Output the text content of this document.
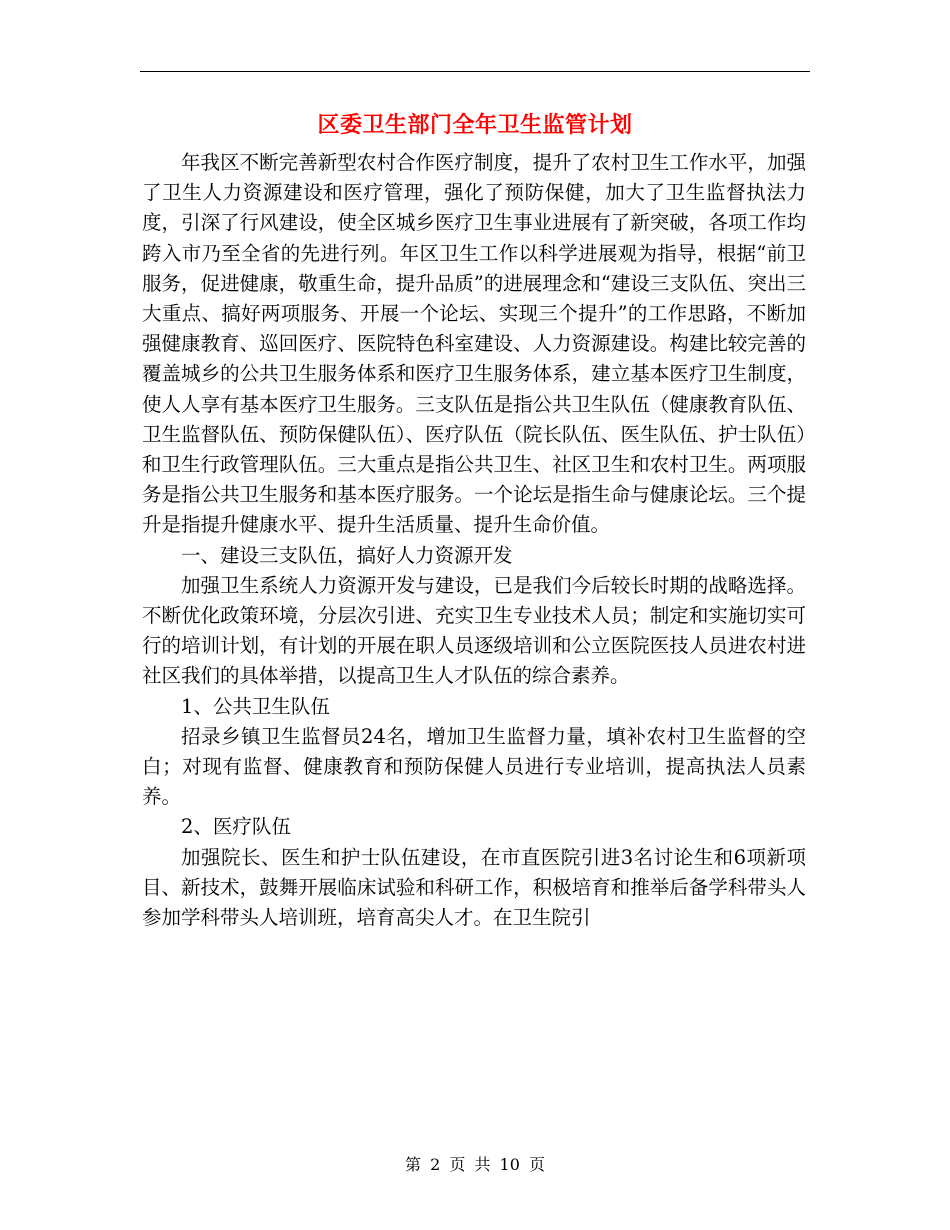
区委卫生部门全年卫生监管计划

年我区不断完善新型农村合作医疗制度，提升了农村卫生工作水平，加强了卫生人力资源建设和医疗管理，强化了预防保健，加大了卫生监督执法力度，引深了行风建设，使全区城乡医疗卫生事业进展有了新突破，各项工作均跨入市乃至全省的先进行列。年区卫生工作以科学进展观为指导，根据“前卫服务，促进健康，敬重生命，提升品质”的进展理念和“建设三支队伍、突出三大重点、搞好两项服务、开展一个论坛、实现三个提升”的工作思路，不断加强健康教育、巡回医疗、医院特色科室建设、人力资源建设。构建比较完善的覆盖城乡的公共卫生服务体系和医疗卫生服务体系，建立基本医疗卫生制度，使人人享有基本医疗卫生服务。三支队伍是指公共卫生队伍（健康教育队伍、卫生监督队伍、预防保健队伍）、医疗队伍（院长队伍、医生队伍、护士队伍）和卫生行政管理队伍。三大重点是指公共卫生、社区卫生和农村卫生。两项服务是指公共卫生服务和基本医疗服务。一个论坛是指生命与健康论坛。三个提升是指提升健康水平、提升生活质量、提升生命价值。

一、建设三支队伍，搞好人力资源开发

加强卫生系统人力资源开发与建设，已是我们今后较长时期的战略选择。不断优化政策环境，分层次引进、充实卫生专业技术人员；制定和实施切实可行的培训计划，有计划的开展在职人员逐级培训和公立医院医技人员进农村进社区我们的具体举措，以提高卫生人才队伍的综合素养。

1、公共卫生队伍

招录乡镇卫生监督员24名，增加卫生监督力量，填补农村卫生监督的空白；对现有监督、健康教育和预防保健人员进行专业培训，提高执法人员素养。

2、医疗队伍

加强院长、医生和护士队伍建设，在市直医院引进3名讨论生和6项新项目、新技术，鼓舞开展临床试验和科研工作，积极培育和推举后备学科带头人参加学科带头人培训班，培育高尖人才。在卫生院引

第 2 页 共 10 页
